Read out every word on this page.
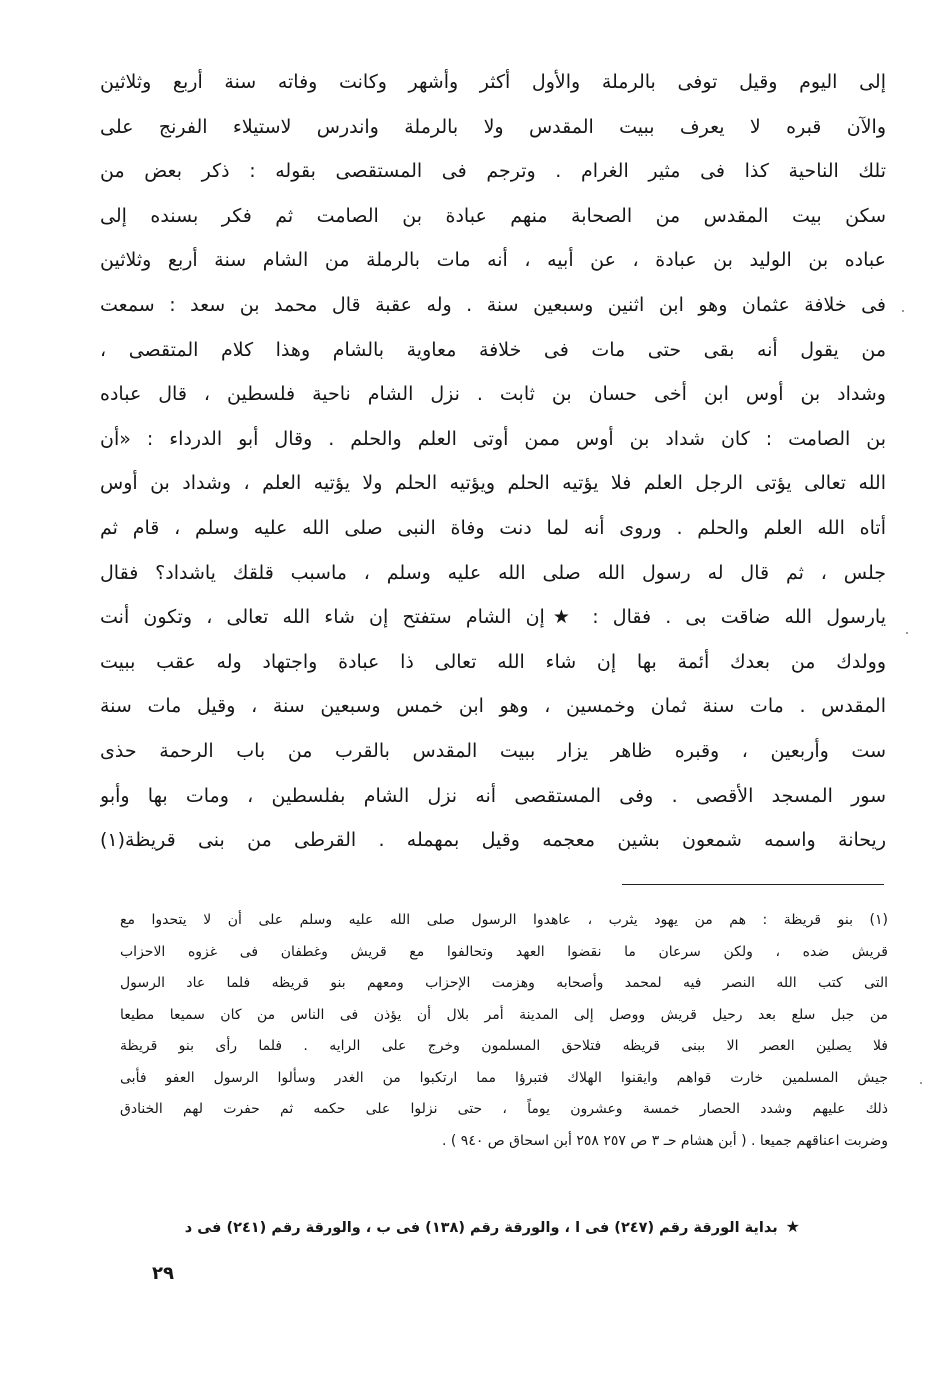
إلى اليوم وقيل توفى بالرملة والأول أكثر وأشهر وكانت وفاته سنة أربع وثلاثين
والآن قبره لا يعرف ببيت المقدس ولا بالرملة واندرس لاستيلاء الفرنج على
تلك الناحية كذا فى مثير الغرام . وترجم فى المستقصى بقوله : ذكر بعض من
سكن بيت المقدس من الصحابة منهم عبادة بن الصامت ثم فكر بسنده إلى
عباده بن الوليد بن عبادة ، عن أبيه ، أنه مات بالرملة من الشام سنة أربع وثلاثين
فى خلافة عثمان وهو ابن اثنين وسبعين سنة . وله عقبة قال محمد بن سعد : سمعت
من يقول أنه بقى حتى مات فى خلافة معاوية بالشام وهذا كلام المتقصى ،
وشداد بن أوس ابن أخى حسان بن ثابت . نزل الشام ناحية فلسطين ، قال عباده
بن الصامت : كان شداد بن أوس ممن أوتى العلم والحلم . وقال أبو الدرداء : «أن
الله تعالى يؤتى الرجل العلم فلا يؤتيه الحلم ويؤتيه الحلم ولا يؤتيه العلم ، وشداد بن أوس
أتاه الله العلم والحلم . وروى أنه لما دنت وفاة النبى صلى الله عليه وسلم ، قام ثم
جلس ، ثم قال له رسول الله صلى الله عليه وسلم ، ماسبب قلقك ياشداد؟ فقال
يارسول الله ضاقت بى . فقال : ★إن الشام ستفتح إن شاء الله تعالى ، وتكون أنت
وولدك من بعدك أئمة بها إن شاء الله تعالى ذا عبادة واجتهاد وله عقب ببيت
المقدس . مات سنة ثمان وخمسين ، وهو ابن خمس وسبعين سنة ، وقيل مات سنة
ست وأربعين ، وقبره ظاهر يزار ببيت المقدس بالقرب من باب الرحمة حذى
سور المسجد الأقصى . وفى المستقصى أنه نزل الشام بفلسطين ، ومات بها وأبو
ريحانة واسمه شمعون بشين معجمه وقيل بمهمله . القرطى من بنى قريظة(١)
(١) بنو قريظة : هم من يهود يثرب ، عاهدوا الرسول صلى الله عليه وسلم على أن لا يتحدوا مع
قريش ضده ، ولكن سرعان ما نقضوا العهد وتحالفوا مع قريش وغطفان فى غزوه الاحزاب
التى كتب الله النصر فيه لمحمد وأصحابه وهزمت الإحزاب ومعهم بنو قريظه فلما عاد الرسول
من جبل سلع بعد رحيل قريش ووصل إلى المدينة أمر بلال أن يؤذن فى الناس من كان سميعا مطيعا
فلا يصلين العصر الا ببنى قريظه فتلاحق المسلمون وخرج على الرايه . فلما رأى بنو قريظة
جيش المسلمين خارت قواهم وايقنوا الهلاك فتبرؤا مما ارتكبوا من الغدر وسألوا الرسول العفو فأبى
ذلك عليهم وشدد الحصار خمسة وعشرون يوماً ، حتى نزلوا على حكمه ثم حفرت لهم الخنادق
وضربت اعناقهم جميعا . ( أبن هشام حـ ٣ ص ٢٥٧ ٢٥٨ أبن اسحاق ص ٩٤٠ ) .
★بداية الورقة رقم (٢٤٧) فى ا ، والورقة رقم (١٣٨) فى ب ، والورقة رقم (٢٤١) فى د
٢٩
